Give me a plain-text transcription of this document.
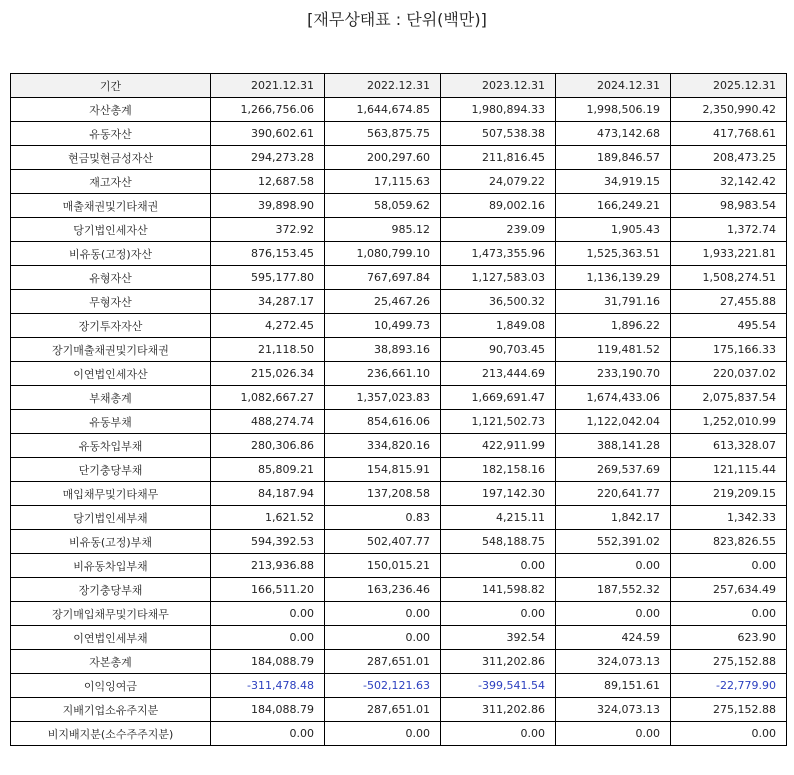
[재무상태표 : 단위(백만)]
기간	2021.12.31	2022.12.31	2023.12.31	2024.12.31	2025.12.31
자산총계	1,266,756.06	1,644,674.85	1,980,894.33	1,998,506.19	2,350,990.42
유동자산	390,602.61	563,875.75	507,538.38	473,142.68	417,768.61
현금및현금성자산	294,273.28	200,297.60	211,816.45	189,846.57	208,473.25
재고자산	12,687.58	17,115.63	24,079.22	34,919.15	32,142.42
매출채권및기타채권	39,898.90	58,059.62	89,002.16	166,249.21	98,983.54
당기법인세자산	372.92	985.12	239.09	1,905.43	1,372.74
비유동(고정)자산	876,153.45	1,080,799.10	1,473,355.96	1,525,363.51	1,933,221.81
유형자산	595,177.80	767,697.84	1,127,583.03	1,136,139.29	1,508,274.51
무형자산	34,287.17	25,467.26	36,500.32	31,791.16	27,455.88
장기투자자산	4,272.45	10,499.73	1,849.08	1,896.22	495.54
장기매출채권및기타채권	21,118.50	38,893.16	90,703.45	119,481.52	175,166.33
이연법인세자산	215,026.34	236,661.10	213,444.69	233,190.70	220,037.02
부채총계	1,082,667.27	1,357,023.83	1,669,691.47	1,674,433.06	2,075,837.54
유동부채	488,274.74	854,616.06	1,121,502.73	1,122,042.04	1,252,010.99
유동차입부채	280,306.86	334,820.16	422,911.99	388,141.28	613,328.07
단기충당부채	85,809.21	154,815.91	182,158.16	269,537.69	121,115.44
매입채무및기타채무	84,187.94	137,208.58	197,142.30	220,641.77	219,209.15
당기법인세부채	1,621.52	0.83	4,215.11	1,842.17	1,342.33
비유동(고정)부채	594,392.53	502,407.77	548,188.75	552,391.02	823,826.55
비유동차입부채	213,936.88	150,015.21	0.00	0.00	0.00
장기충당부채	166,511.20	163,236.46	141,598.82	187,552.32	257,634.49
장기매입채무및기타채무	0.00	0.00	0.00	0.00	0.00
이연법인세부채	0.00	0.00	392.54	424.59	623.90
자본총계	184,088.79	287,651.01	311,202.86	324,073.13	275,152.88
이익잉여금	-311,478.48	-502,121.63	-399,541.54	89,151.61	-22,779.90
지배기업소유주지분	184,088.79	287,651.01	311,202.86	324,073.13	275,152.88
비지배지분(소수주주지분)	0.00	0.00	0.00	0.00	0.00
